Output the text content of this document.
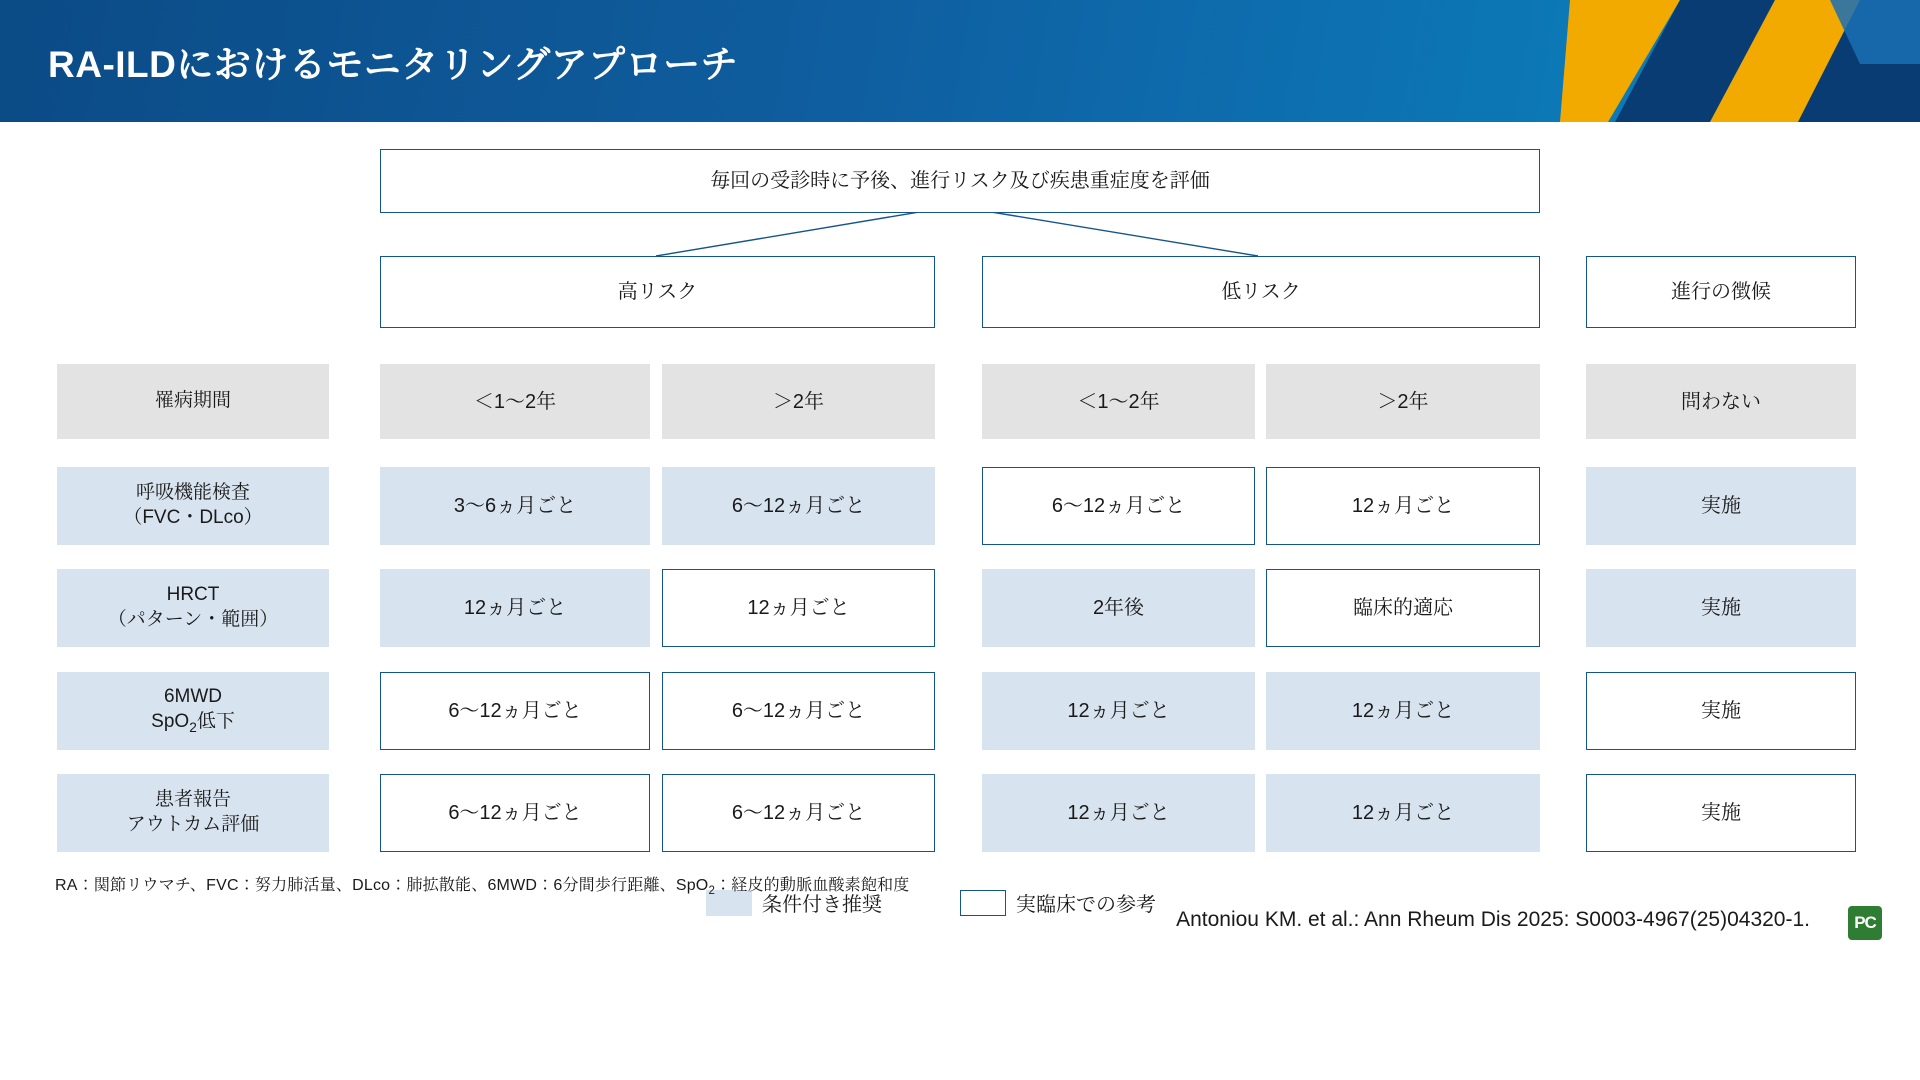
RA-ILDにおけるモニタリングアプローチ
毎回の受診時に予後、進行リスク及び疾患重症度を評価
高リスク	低リスク	進行の徴候
罹病期間	＜1〜2年	＞2年	＜1〜2年	＞2年	問わない
呼吸機能検査
（FVC・DLco）
3〜6ヵ月ごと	6〜12ヵ月ごと	6〜12ヵ月ごと	12ヵ月ごと	実施
HRCT
（パターン・範囲）
12ヵ月ごと	12ヵ月ごと	2年後	臨床的適応	実施
6MWD
SpO$_2$低下	6〜12ヵ月ごと	6〜12ヵ月ごと	12ヵ月ごと	12ヵ月ごと	実施
患者報告
アウトカム評価
6〜12ヵ月ごと	6〜12ヵ月ごと	12ヵ月ごと	12ヵ月ごと	実施
条件付き推奨	実臨床での参考
RA：関節リウマチ、FVC：努力肺活量、DLco：肺拡散能、6MWD：6分間歩行距離、SpO$_2$：経皮的動脈血酸素飽和度
Antoniou KM. et al.: Ann Rheum Dis 2025: S0003-4967(25)04320-1.	PC
